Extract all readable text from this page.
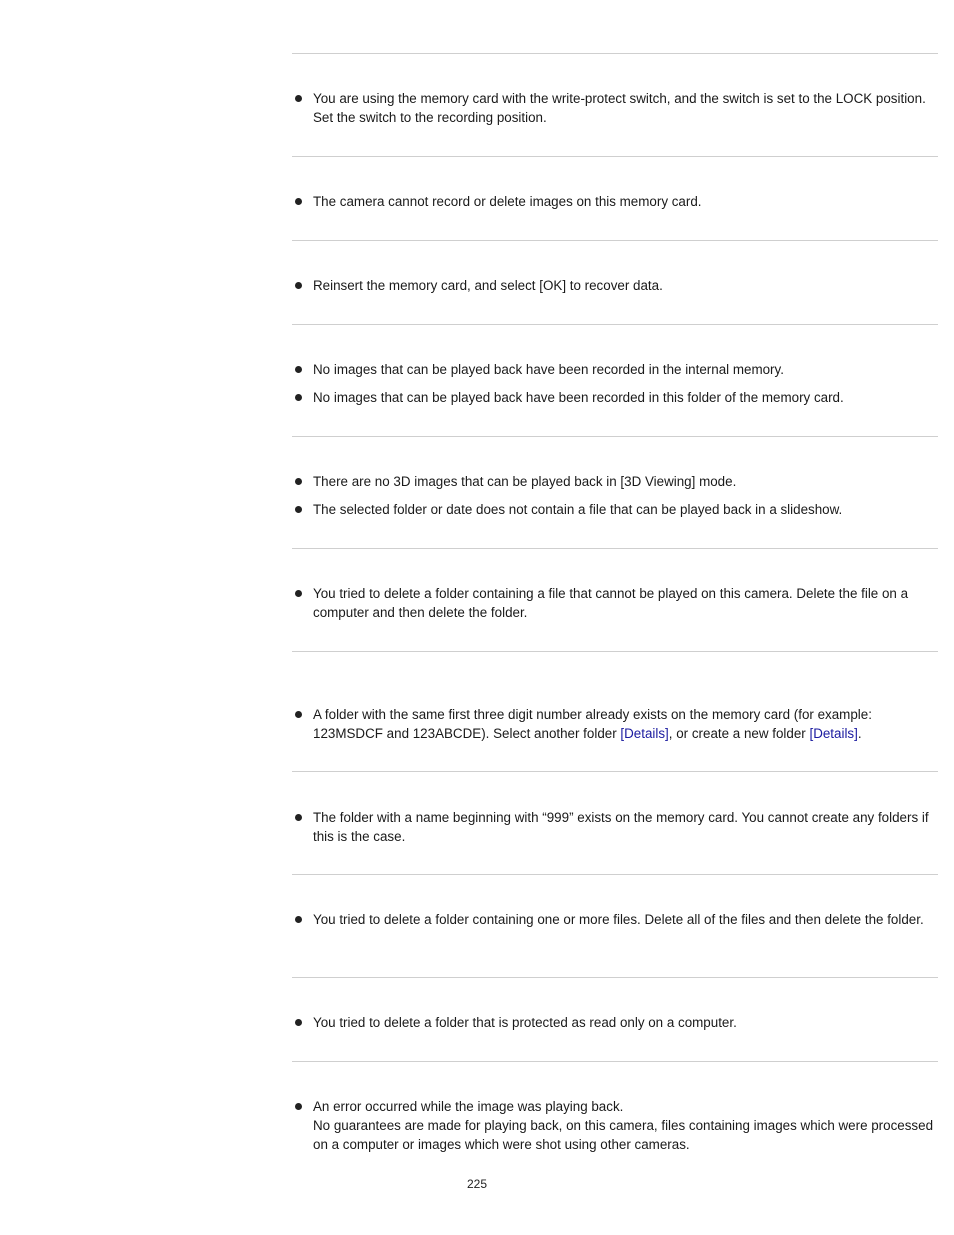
You are using the memory card with the write-protect switch, and the switch is set to the LOCK position. Set the switch to the recording position.
The camera cannot record or delete images on this memory card.
Reinsert the memory card, and select [OK] to recover data.
No images that can be played back have been recorded in the internal memory.
No images that can be played back have been recorded in this folder of the memory card.
There are no 3D images that can be played back in [3D Viewing] mode.
The selected folder or date does not contain a file that can be played back in a slideshow.
You tried to delete a folder containing a file that cannot be played on this camera. Delete the file on a computer and then delete the folder.
A folder with the same first three digit number already exists on the memory card (for example: 123MSDCF and 123ABCDE). Select another folder [Details], or create a new folder [Details].
The folder with a name beginning with “999” exists on the memory card. You cannot create any folders if this is the case.
You tried to delete a folder containing one or more files. Delete all of the files and then delete the folder.
You tried to delete a folder that is protected as read only on a computer.
An error occurred while the image was playing back.
No guarantees are made for playing back, on this camera, files containing images which were processed on a computer or images which were shot using other cameras.
225
